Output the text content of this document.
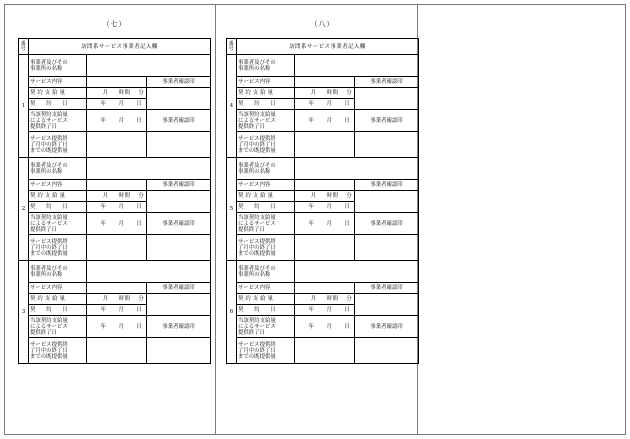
（七）
番号	訪問系サービス事業者記入欄		
1	事業者及びその
事業所の名称		

	サービス内容		事業者確認印
	契約支給量	月 時間 分	
	契　　約　　日	年 月 日	

	当該契約支給量
によるサービス
提供終了日	年 月 日	事業者確認印

	サービス提供終
了月中の終了日
までの既提供量		

2	事業者及びその
事業所の名称		

	サービス内容		事業者確認印
	契約支給量	月 時間 分	
	契　　約　　日	年 月 日	

	当該契約支給量
によるサービス
提供終了日	年 月 日	事業者確認印

	サービス提供終
了月中の終了日
までの既提供量		

3	事業者及びその
事業所の名称		

	サービス内容		事業者確認印
	契約支給量	月 時間 分	
	契　　約　　日	年 月 日	

	当該契約支給量
によるサービス
提供終了日	年 月 日	事業者確認印

	サービス提供終
了月中の終了日
までの既提供量		

（八）
番号	訪問系サービス事業者記入欄		
4	事業者及びその
事業所の名称		

	サービス内容		事業者確認印
	契約支給量	月 時間 分	
	契　　約　　日	年 月 日	

	当該契約支給量
によるサービス
提供終了日	年 月 日	事業者確認印

	サービス提供終
了月中の終了日
までの既提供量		

5	事業者及びその
事業所の名称		

	サービス内容		事業者確認印
	契約支給量	月 時間 分	
	契　　約　　日	年 月 日	

	当該契約支給量
によるサービス
提供終了日	年 月 日	事業者確認印

	サービス提供終
了月中の終了日
までの既提供量		

6	事業者及びその
事業所の名称		

	サービス内容		事業者確認印
	契約支給量	月 時間 分	
	契　　約　　日	年 月 日	

	当該契約支給量
によるサービス
提供終了日	年 月 日	事業者確認印

	サービス提供終
了月中の終了日
までの既提供量		
